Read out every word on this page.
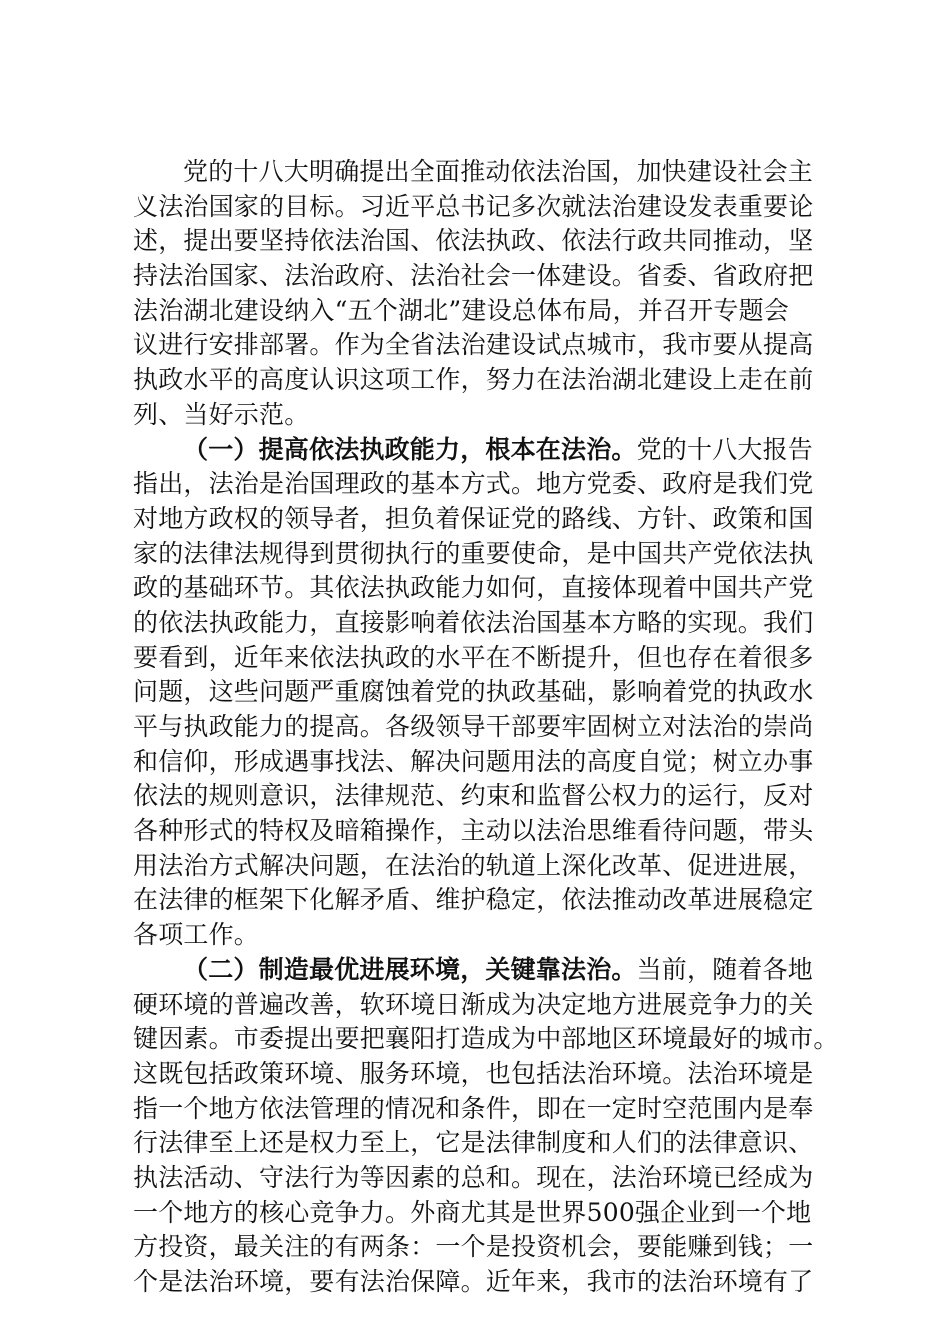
党的十八大明确提出全面推动依法治国，加快建设社会主
义法治国家的目标。习近平总书记多次就法治建设发表重要论
述，提出要坚持依法治国、依法执政、依法行政共同推动，坚
持法治国家、法治政府、法治社会一体建设。省委、省政府把
法治湖北建设纳入“五个湖北”建设总体布局，并召开专题会
议进行安排部署。作为全省法治建设试点城市，我市要从提高
执政水平的高度认识这项工作，努力在法治湖北建设上走在前
列、当好示范。
（一）提高依法执政能力，根本在法治。党的十八大报告
指出，法治是治国理政的基本方式。地方党委、政府是我们党
对地方政权的领导者，担负着保证党的路线、方针、政策和国
家的法律法规得到贯彻执行的重要使命，是中国共产党依法执
政的基础环节。其依法执政能力如何，直接体现着中国共产党
的依法执政能力，直接影响着依法治国基本方略的实现。我们
要看到，近年来依法执政的水平在不断提升，但也存在着很多
问题，这些问题严重腐蚀着党的执政基础，影响着党的执政水
平与执政能力的提高。各级领导干部要牢固树立对法治的崇尚
和信仰，形成遇事找法、解决问题用法的高度自觉；树立办事
依法的规则意识，法律规范、约束和监督公权力的运行，反对
各种形式的特权及暗箱操作，主动以法治思维看待问题，带头
用法治方式解决问题，在法治的轨道上深化改革、促进进展，
在法律的框架下化解矛盾、维护稳定，依法推动改革进展稳定
各项工作。
（二）制造最优进展环境，关键靠法治。当前，随着各地
硬环境的普遍改善，软环境日渐成为决定地方进展竞争力的关
键因素。市委提出要把襄阳打造成为中部地区环境最好的城市。
这既包括政策环境、服务环境，也包括法治环境。法治环境是
指一个地方依法管理的情况和条件，即在一定时空范围内是奉
行法律至上还是权力至上，它是法律制度和人们的法律意识、
执法活动、守法行为等因素的总和。现在，法治环境已经成为
一个地方的核心竞争力。外商尤其是世界500强企业到一个地
方投资，最关注的有两条：一个是投资机会，要能赚到钱；一
个是法治环境，要有法治保障。近年来，我市的法治环境有了
